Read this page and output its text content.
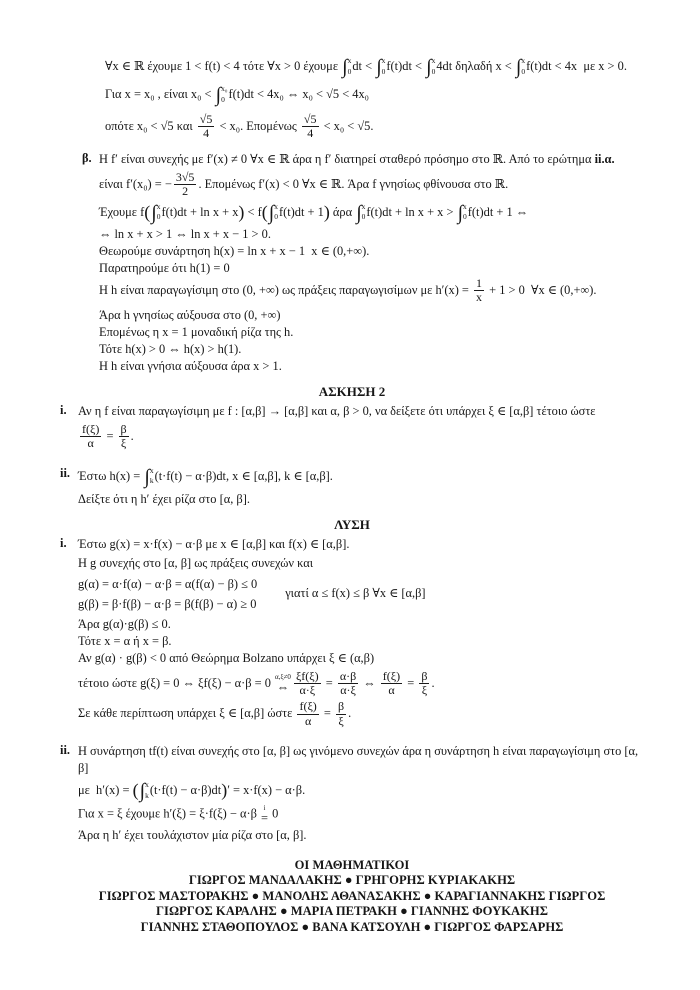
∀x ∈ ℝ έχουμε 1 < f(t) < 4 τότε ∀x > 0 έχουμε ∫ x
0 dt < ∫ x
0 f(t)dt < ∫ x
0 4dt δηλαδή x < ∫ x
0 f(t)dt < 4x  με x > 0.
Για x = x₀ , είναι x₀ < ∫ x₀
0 f(t)dt < 4x₀ ⇔ x₀ < √5 < 4x₀
οπότε x₀ < √5 και $\frac{√5}{4} < x_0$. Επομένως $\frac{√5}{4} < x_0 < √5$.
β. Η f′ είναι συνεχής με f′(x) ≠ 0 ∀x ∈ ℝ άρα η f′ διατηρεί σταθερό πρόσημο στο ℝ. Από το ερώτημα ii.α.
είναι f′(x₀) = − $\frac{3√5}{2}$ . Επομένως f′(x) < 0 ∀x ∈ ℝ. Άρα f γνησίως φθίνουσα στο ℝ.
Έχουμε f( ∫ x
0 f(t)dt + ln x + x) < f( ∫ x
0 f(t)dt + 1) άρα ∫ x
0 f(t)dt + ln x + x > ∫ x
0 f(t)dt + 1 ⇔
⇔ ln x + x > 1 ⇔ ln x + x − 1 > 0.
Θεωρούμε συνάρτηση h(x) = ln x + x − 1  x ∈ (0,+∞).
Παρατηρούμε ότι h(1) = 0
Η h είναι παραγωγίσιμη στο (0, +∞) ως πράξεις παραγωγισίμων με $h'(x) = \frac{1}{x} + 1 > 0$  ∀x ∈ (0,+∞).
Άρα h γνησίως αύξουσα στο (0, +∞)
Επομένως η x = 1 μοναδική ρίζα της h.
Τότε h(x) > 0 ⇔ h(x) > h(1).
Η h είναι γνήσια αύξουσα άρα x > 1.
ΑΣΚΗΣΗ 2
i. Αν η f είναι παραγωγίσιμη με f : [α,β] → [α,β] και α, β > 0, να δείξετε ότι υπάρχει ξ ∈ [α,β] τέτοιο ώστε
$\frac{f(\xi)}{\alpha} = \frac{\beta}{\xi}$ .
ii. Έστω h(x) = ∫ x
k (t·f(t) − α·β)dt, x ∈ [α,β], k ∈ [α,β].
Δείξτε ότι η h′ έχει ρίζα στο [α, β].
ΛΥΣΗ
i. Έστω g(x) = x·f(x) − α·β με x ∈ [α,β] και f(x) ∈ [α,β].
Η g συνεχής στο [α, β] ως πράξεις συνεχών και
g(α) = α·f(α) − α·β = α(f(α) − β) ≤ 0
g(β) = β·f(β) − α·β = β(f(β) − α) ≥ 0
γιατί α ≤ f(x) ≤ β ∀x ∈ [α,β]
Άρα g(α)·g(β) ≤ 0.
Τότε x = α ή x = β.
Αν g(α) · g(β) < 0 από Θεώρημα Bolzano υπάρχει ξ ∈ (α,β)
τέτοιο ώστε g(ξ) = 0 ⇔ ξf(ξ) − α·β = 0 α,ξ≠0
⇔ $\frac{\xi f(\xi)}{\alpha\cdot\xi} = \frac{\alpha\cdot\beta}{\alpha\cdot\xi}$ ⇔ $\frac{f(\xi)}{\alpha} = \frac{\beta}{\xi}$ .
Σε κάθε περίπτωση υπάρχει ξ ∈ [α,β] ώστε $\frac{f(\xi)}{\alpha} = \frac{\beta}{\xi}$ .
ii. Η συνάρτηση tf(t) είναι συνεχής στο [α, β] ως γινόμενο συνεχών άρα η συνάρτηση h είναι παραγωγίσιμη στο [α, β]
με  h′(x) = ( ∫ x
k (t·f(t) − α·β)dt)′ = x·f(x) − α·β.
Για x = ξ έχουμε h′(ξ) = ξ·f(ξ) − α·β i
= 0
Άρα η h′ έχει τουλάχιστον μία ρίζα στο [α, β].
ΟΙ ΜΑΘΗΜΑΤΙΚΟΙ
ΓΙΩΡΓΟΣ ΜΑΝΔΑΛΑΚΗΣ ● ΓΡΗΓΟΡΗΣ ΚΥΡΙΑΚΑΚΗΣ
ΓΙΩΡΓΟΣ ΜΑΣΤΟΡΑΚΗΣ ● ΜΑΝΟΛΗΣ ΑΘΑΝΑΣΑΚΗΣ ● ΚΑΡΑΓΙΑΝΝΑΚΗΣ ΓΙΩΡΓΟΣ
ΓΙΩΡΓΟΣ ΚΑΡΑΛΗΣ ● ΜΑΡΙΑ ΠΕΤΡΑΚΗ ● ΓΙΑΝΝΗΣ ΦΟΥΚΑΚΗΣ
ΓΙΑΝΝΗΣ ΣΤΑΘΟΠΟΥΛΟΣ ● ΒΑΝΑ ΚΑΤΣΟΥΛΗ ● ΓΙΩΡΓΟΣ ΦΑΡΣΑΡΗΣ
